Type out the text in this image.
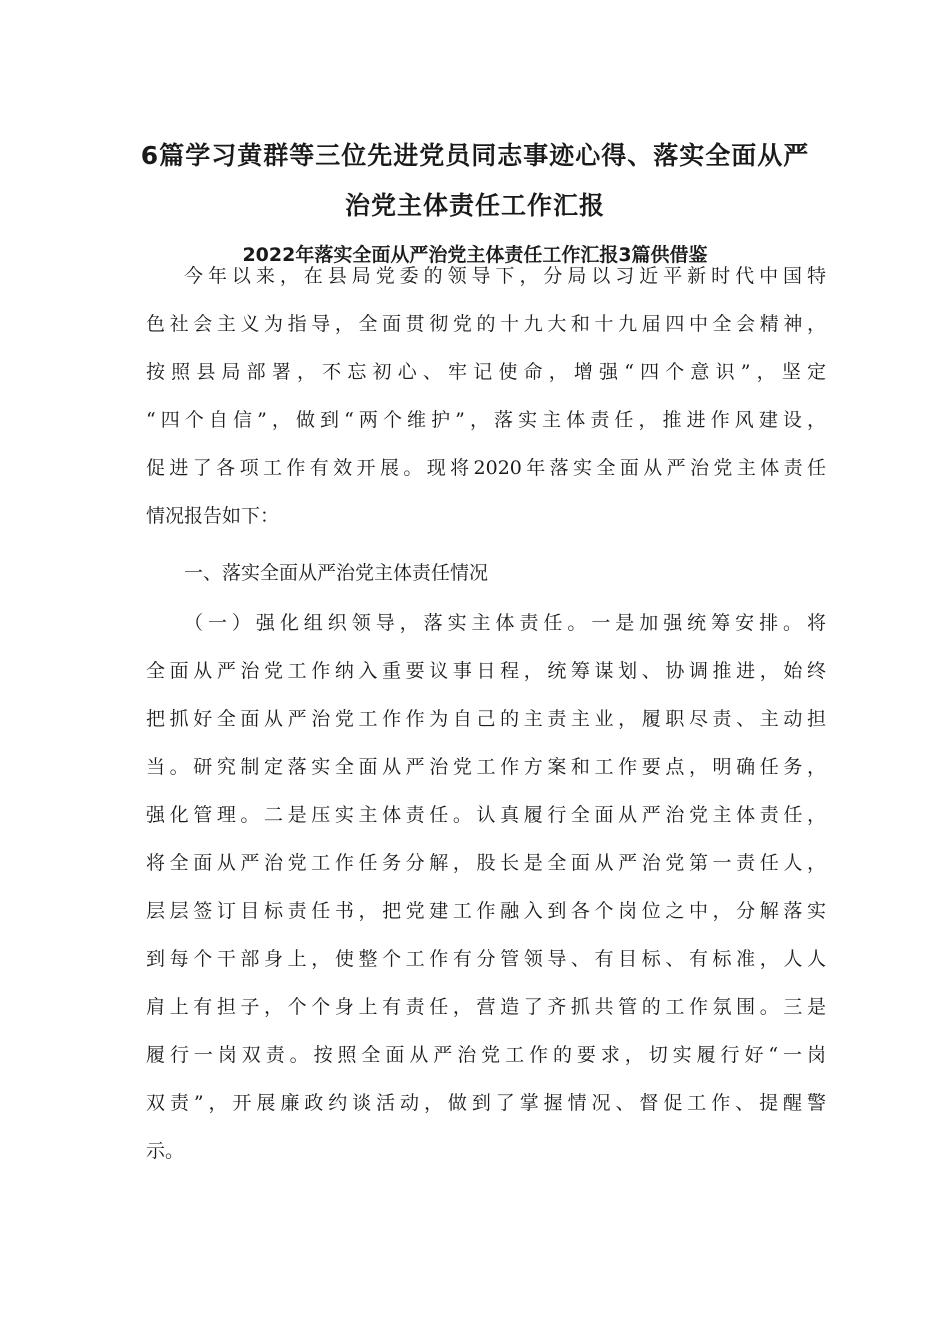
6篇学习黄群等三位先进党员同志事迹心得、落实全面从严
治党主体责任工作汇报
2022年落实全面从严治党主体责任工作汇报3篇供借鉴
今年以来，在县局党委的领导下，分局以习近平新时代中国特
色社会主义为指导，全面贯彻党的十九大和十九届四中全会精神，
按照县局部署，不忘初心、牢记使命，增强“四个意识”，坚定
“四个自信”，做到“两个维护”，落实主体责任，推进作风建设，
促进了各项工作有效开展。现将2020年落实全面从严治党主体责任
情况报告如下：
一、落实全面从严治党主体责任情况
（一）强化组织领导，落实主体责任。一是加强统筹安排。将
全面从严治党工作纳入重要议事日程，统筹谋划、协调推进，始终
把抓好全面从严治党工作作为自己的主责主业，履职尽责、主动担
当。研究制定落实全面从严治党工作方案和工作要点，明确任务，
强化管理。二是压实主体责任。认真履行全面从严治党主体责任，
将全面从严治党工作任务分解，股长是全面从严治党第一责任人，
层层签订目标责任书，把党建工作融入到各个岗位之中，分解落实
到每个干部身上，使整个工作有分管领导、有目标、有标准，人人
肩上有担子，个个身上有责任，营造了齐抓共管的工作氛围。三是
履行一岗双责。按照全面从严治党工作的要求，切实履行好“一岗
双责”，开展廉政约谈活动，做到了掌握情况、督促工作、提醒警
示。
